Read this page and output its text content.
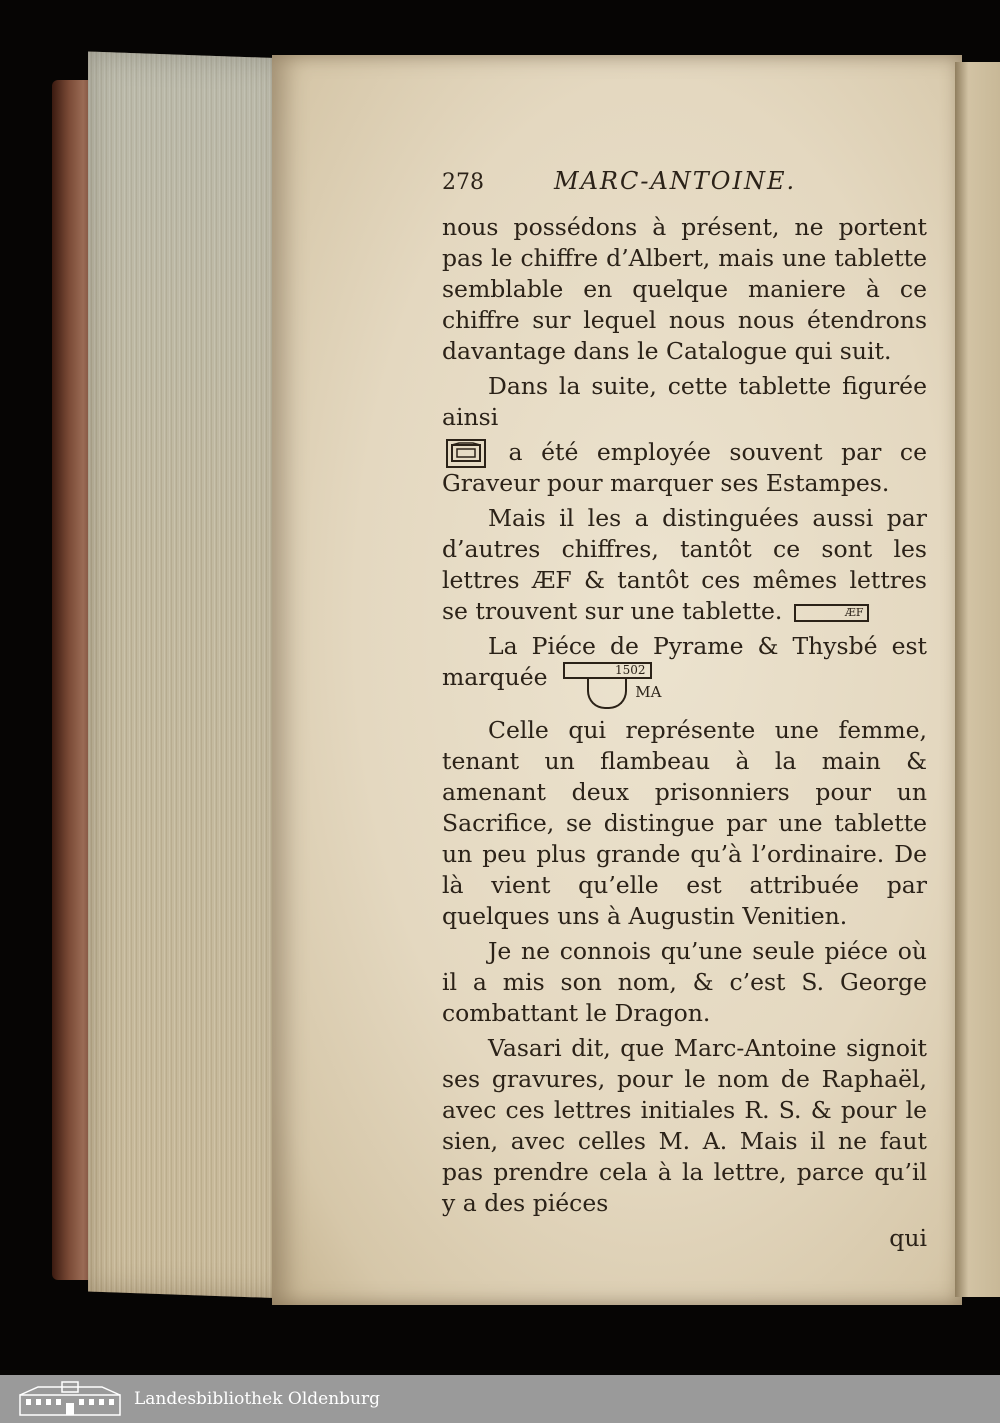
278	MARC-ANTOINE.

nous possédons à présent, ne portent pas le chiffre d’Albert, mais une tablette semblable en quelque maniere à ce chiffre sur lequel nous nous étendrons davantage dans le Catalogue qui suit.

Dans la suite, cette tablette figurée ainsi

a été employée souvent par ce Graveur pour marquer ses Estampes.

Mais il les a distinguées aussi par d’autres chiffres, tantôt ce sont les lettres ÆF & tantôt ces mêmes lettres se trouvent sur une tablette.	ÆF

La Piéce de Pyrame & Thysbé est marquée	1502
MA

Celle qui représente une femme, tenant un flambeau à la main & amenant deux prisonniers pour un Sacrifice, se distingue par une tablette un peu plus grande qu’à l’ordinaire. De là vient qu’elle est attribuée par quelques uns à Augustin Venitien.

Je ne connois qu’une seule piéce où il a mis son nom, & c’est S. George combattant le Dragon.

Vasari dit, que Marc-Antoine signoit ses gravures, pour le nom de Raphaël, avec ces lettres initiales R. S. & pour le sien, avec celles M. A. Mais il ne faut pas prendre cela à la lettre, parce qu’il y a des piéces

qui
Landesbibliothek Oldenburg
